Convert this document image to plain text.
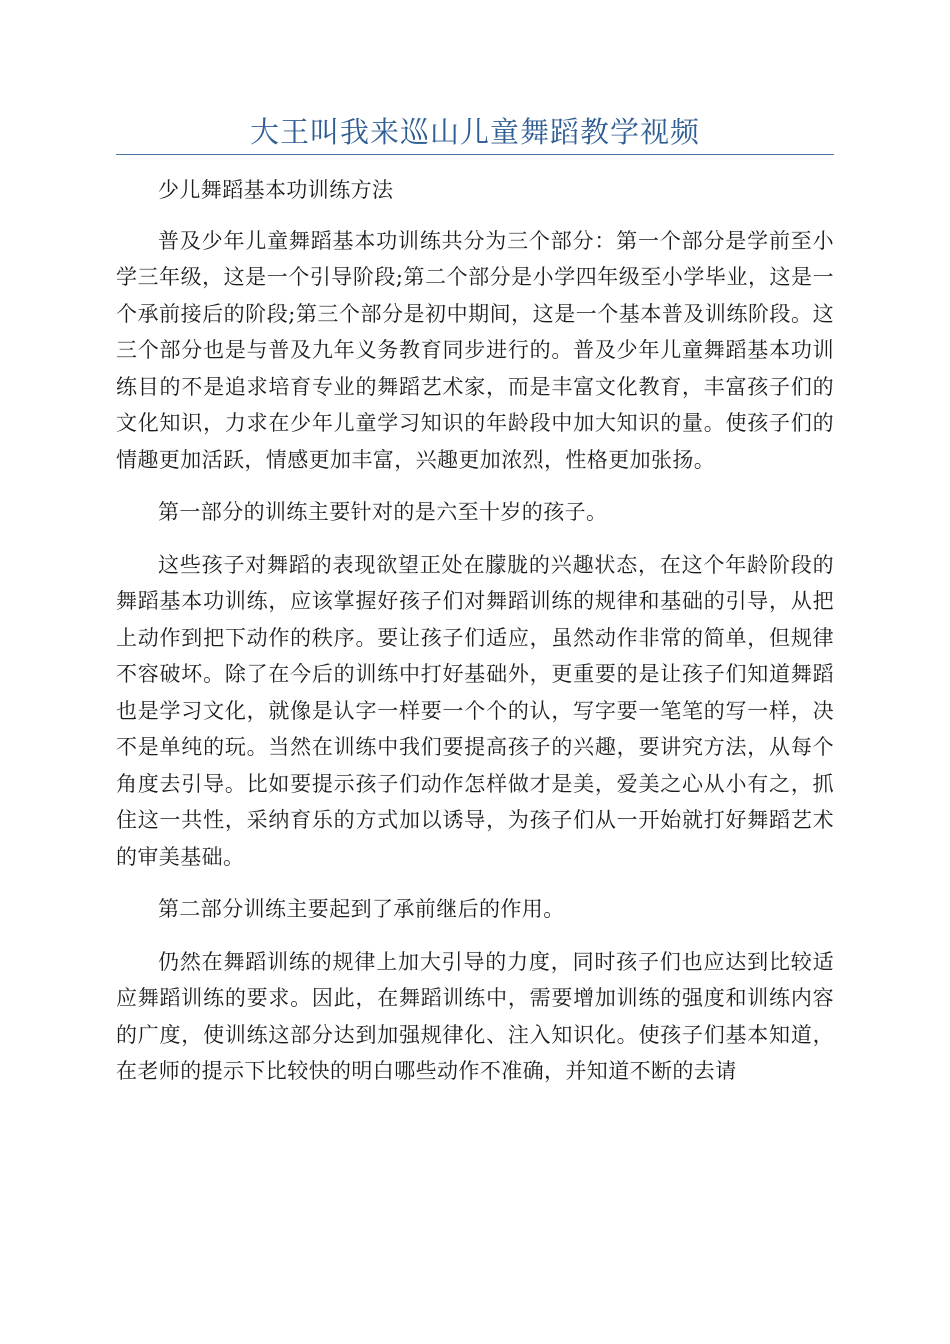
大王叫我来巡山儿童舞蹈教学视频

少儿舞蹈基本功训练方法

普及少年儿童舞蹈基本功训练共分为三个部分：第一个部分是学前至小学三年级，这是一个引导阶段;第二个部分是小学四年级至小学毕业，这是一个承前接后的阶段;第三个部分是初中期间，这是一个基本普及训练阶段。这三个部分也是与普及九年义务教育同步进行的。普及少年儿童舞蹈基本功训练目的不是追求培育专业的舞蹈艺术家，而是丰富文化教育，丰富孩子们的文化知识，力求在少年儿童学习知识的年龄段中加大知识的量。使孩子们的情趣更加活跃，情感更加丰富，兴趣更加浓烈，性格更加张扬。

第一部分的训练主要针对的是六至十岁的孩子。

这些孩子对舞蹈的表现欲望正处在朦胧的兴趣状态，在这个年龄阶段的舞蹈基本功训练，应该掌握好孩子们对舞蹈训练的规律和基础的引导，从把上动作到把下动作的秩序。要让孩子们适应，虽然动作非常的简单，但规律不容破坏。除了在今后的训练中打好基础外，更重要的是让孩子们知道舞蹈也是学习文化，就像是认字一样要一个个的认，写字要一笔笔的写一样，决不是单纯的玩。当然在训练中我们要提高孩子的兴趣，要讲究方法，从每个角度去引导。比如要提示孩子们动作怎样做才是美，爱美之心从小有之，抓住这一共性，采纳育乐的方式加以诱导，为孩子们从一开始就打好舞蹈艺术的审美基础。

第二部分训练主要起到了承前继后的作用。

仍然在舞蹈训练的规律上加大引导的力度，同时孩子们也应达到比较适应舞蹈训练的要求。因此，在舞蹈训练中，需要增加训练的强度和训练内容的广度，使训练这部分达到加强规律化、注入知识化。使孩子们基本知道，在老师的提示下比较快的明白哪些动作不准确，并知道不断的去请
